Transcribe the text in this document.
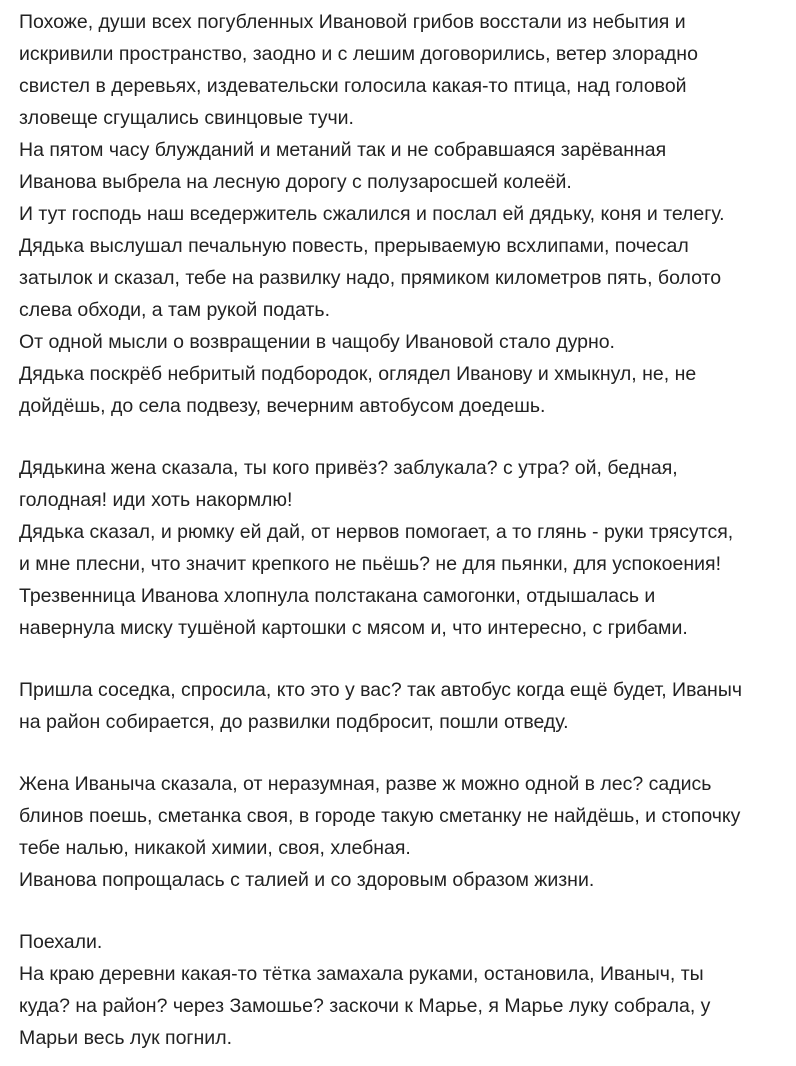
Похоже, души всех погубленных Ивановой грибов восстали из небытия и
искривили пространство, заодно и с лешим договорились, ветер злорадно
свистел в деревьях, издевательски голосила какая-то птица, над головой
зловеще сгущались свинцовые тучи.
На пятом часу блужданий и метаний так и не собравшаяся зарёванная
Иванова выбрела на лесную дорогу с полузаросшей колеёй.
И тут господь наш вседержитель сжалился и послал ей дядьку, коня и телегу.
Дядька выслушал печальную повесть, прерываемую всхлипами, почесал
затылок и сказал, тебе на развилку надо, прямиком километров пять, болото
слева обходи, а там рукой подать.
От одной мысли о возвращении в чащобу Ивановой стало дурно.
Дядька поскрёб небритый подбородок, оглядел Иванову и хмыкнул, не, не
дойдёшь, до села подвезу, вечерним автобусом доедешь.
Дядькина жена сказала, ты кого привёз? заблукала? с утра? ой, бедная,
голодная! иди хоть накормлю!
Дядька сказал, и рюмку ей дай, от нервов помогает, а то глянь - руки трясутся,
и мне плесни, что значит крепкого не пьёшь? не для пьянки, для успокоения!
Трезвенница Иванова хлопнула полстакана самогонки, отдышалась и
навернула миску тушёной картошки с мясом и, что интересно, с грибами.
Пришла соседка, спросила, кто это у вас? так автобус когда ещё будет, Иваныч
на район собирается, до развилки подбросит, пошли отведу.
Жена Иваныча сказала, от неразумная, разве ж можно одной в лес? садись
блинов поешь, сметанка своя, в городе такую сметанку не найдёшь, и стопочку
тебе налью, никакой химии, своя, хлебная.
Иванова попрощалась с талией и со здоровым образом жизни.
Поехали.
На краю деревни какая-то тётка замахала руками, остановила, Иваныч, ты
куда? на район? через Замошье? заскочи к Марье, я Марье луку собрала, у
Марьи весь лук погнил.
